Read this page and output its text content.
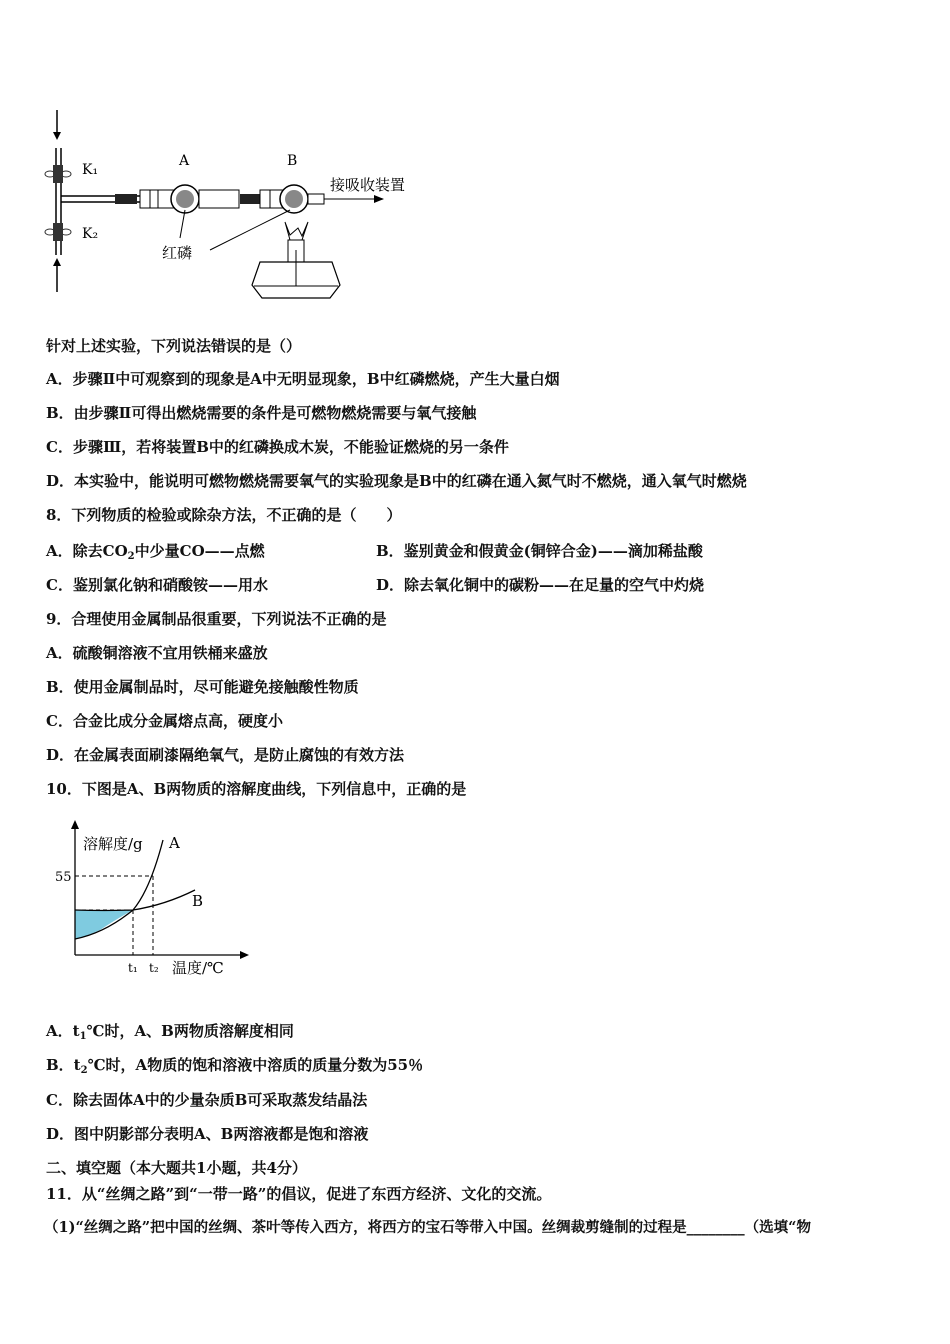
K₁
K₂
A	B
接吸收装置
红磷
针对上述实验，下列说法错误的是（）
A．步骤Ⅱ中可观察到的现象是A中无明显现象，B中红磷燃烧，产生大量白烟
B．由步骤Ⅱ可得出燃烧需要的条件是可燃物燃烧需要与氧气接触
C．步骤Ⅲ，若将装置B中的红磷换成木炭，不能验证燃烧的另一条件
D．本实验中，能说明可燃物燃烧需要氧气的实验现象是B中的红磷在通入氮气时不燃烧，通入氧气时燃烧
8．下列物质的检验或除杂方法，不正确的是（　　）
A．除去$CO_2$中少量CO——点燃	B．鉴别黄金和假黄金(铜锌合金)——滴加稀盐酸
C．鉴别氯化钠和硝酸铵——用水	D．除去氧化铜中的碳粉——在足量的空气中灼烧
9．合理使用金属制品很重要，下列说法不正确的是
A．硫酸铜溶液不宜用铁桶来盛放
B．使用金属制品时，尽可能避免接触酸性物质
C．合金比成分金属熔点高，硬度小
D．在金属表面刷漆隔绝氧气，是防止腐蚀的有效方法
10．下图是A、B两物质的溶解度曲线，下列信息中，正确的是
溶解度/g A
B
55
t₁ t₂ 温度/℃
A．$t_1℃$时，A、B两物质溶解度相同
B．$t_2℃$时，A物质的饱和溶液中溶质的质量分数为55％
C．除去固体A中的少量杂质B可采取蒸发结晶法
D．图中阴影部分表明A、B两溶液都是饱和溶液
二、填空题（本大题共1小题，共4分）
11．从“丝绸之路”到“一带一路”的倡议，促进了东西方经济、文化的交流。
（1)“丝绸之路”把中国的丝绸、茶叶等传入西方，将西方的宝石等带入中国。丝绸裁剪缝制的过程是________（选填“物
